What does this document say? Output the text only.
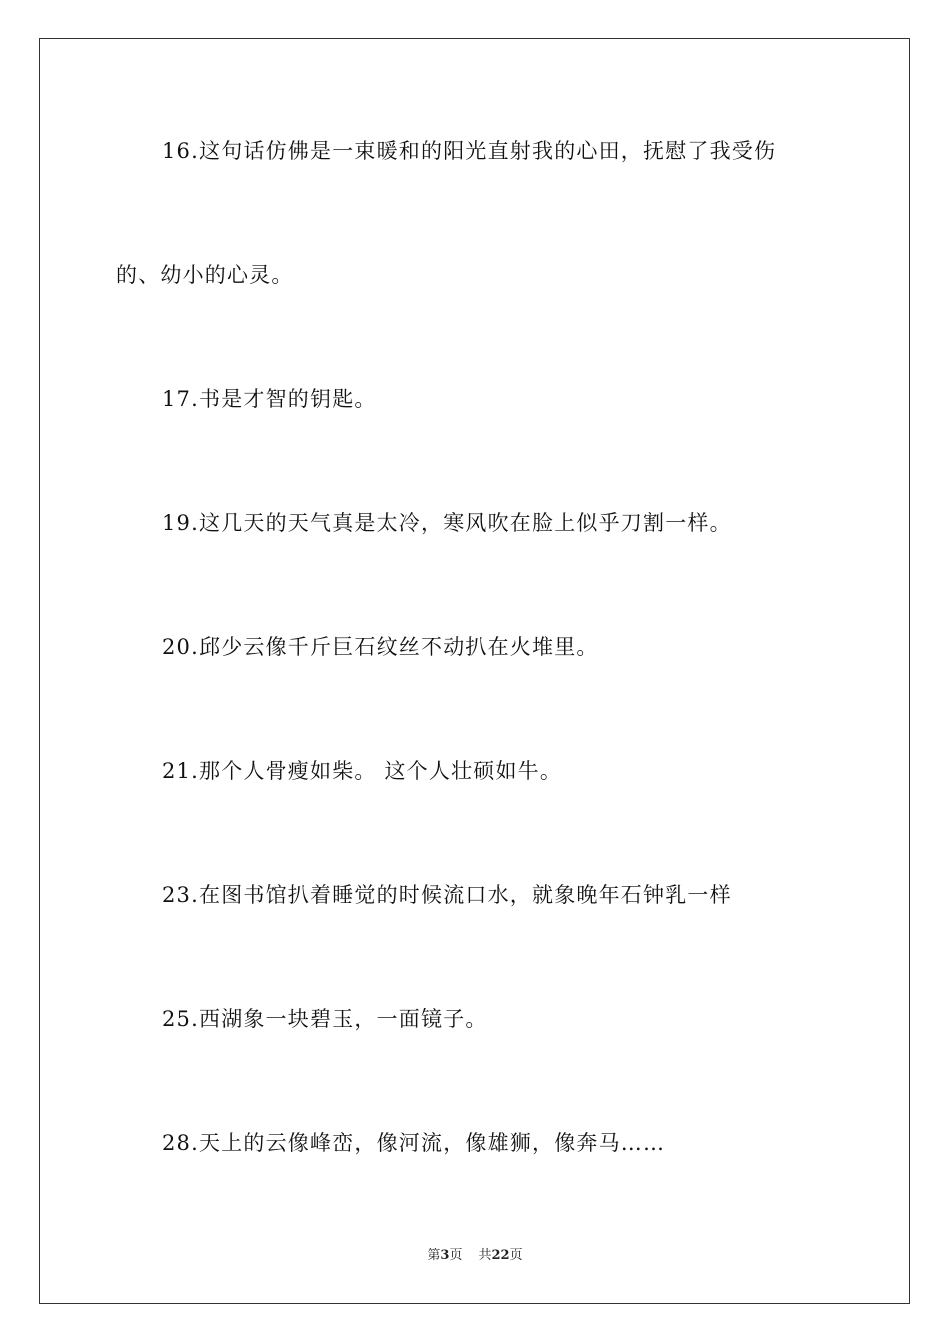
16.这句话仿佛是一束暖和的阳光直射我的心田，抚慰了我受伤
的、幼小的心灵。
17.书是才智的钥匙。
19.这几天的天气真是太冷，寒风吹在脸上似乎刀割一样。
20.邱少云像千斤巨石纹丝不动扒在火堆里。
21.那个人骨瘦如柴。 这个人壮硕如牛。
23.在图书馆扒着睡觉的时候流口水，就象晚年石钟乳一样
25.西湖象一块碧玉，一面镜子。
28.天上的云像峰峦，像河流，像雄狮，像奔马……
第3页 共22页
